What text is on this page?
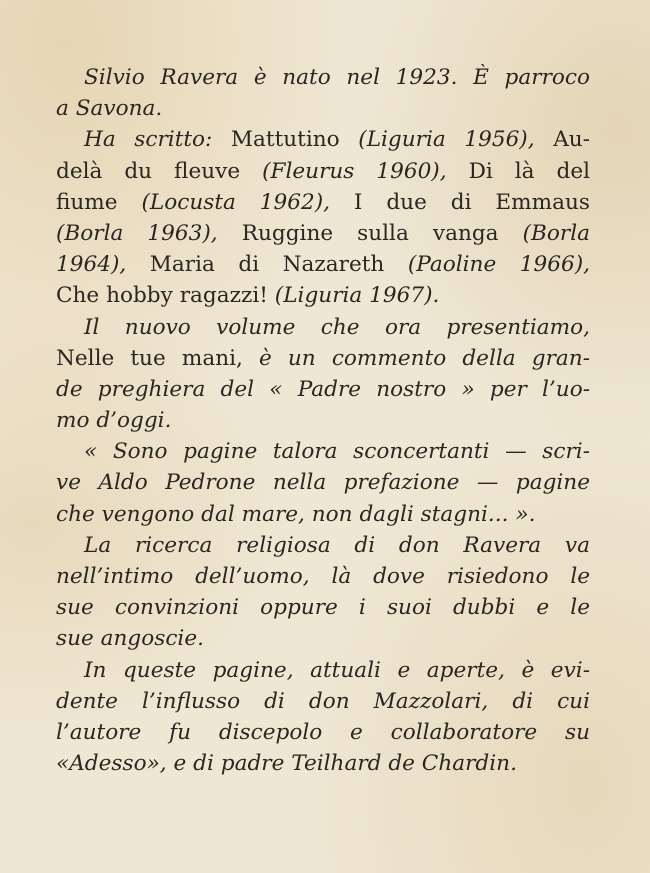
Silvio Ravera è nato nel 1923. È parroco
a Savona.
Ha scritto: Mattutino (Liguria 1956), Au-
delà du fleuve (Fleurus 1960), Di là del
fiume (Locusta 1962), I due di Emmaus
(Borla 1963), Ruggine sulla vanga (Borla
1964), Maria di Nazareth (Paoline 1966),
Che hobby ragazzi! (Liguria 1967).
Il nuovo volume che ora presentiamo,
Nelle tue mani, è un commento della gran-
de preghiera del « Padre nostro » per l’uo-
mo d’oggi.
« Sono pagine talora sconcertanti — scri-
ve Aldo Pedrone nella prefazione — pagine
che vengono dal mare, non dagli stagni... ».
La ricerca religiosa di don Ravera va
nell’intimo dell’uomo, là dove risiedono le
sue convinzioni oppure i suoi dubbi e le
sue angoscie.
In queste pagine, attuali e aperte, è evi-
dente l’influsso di don Mazzolari, di cui
l’autore fu discepolo e collaboratore su
«Adesso», e di padre Teilhard de Chardin.
